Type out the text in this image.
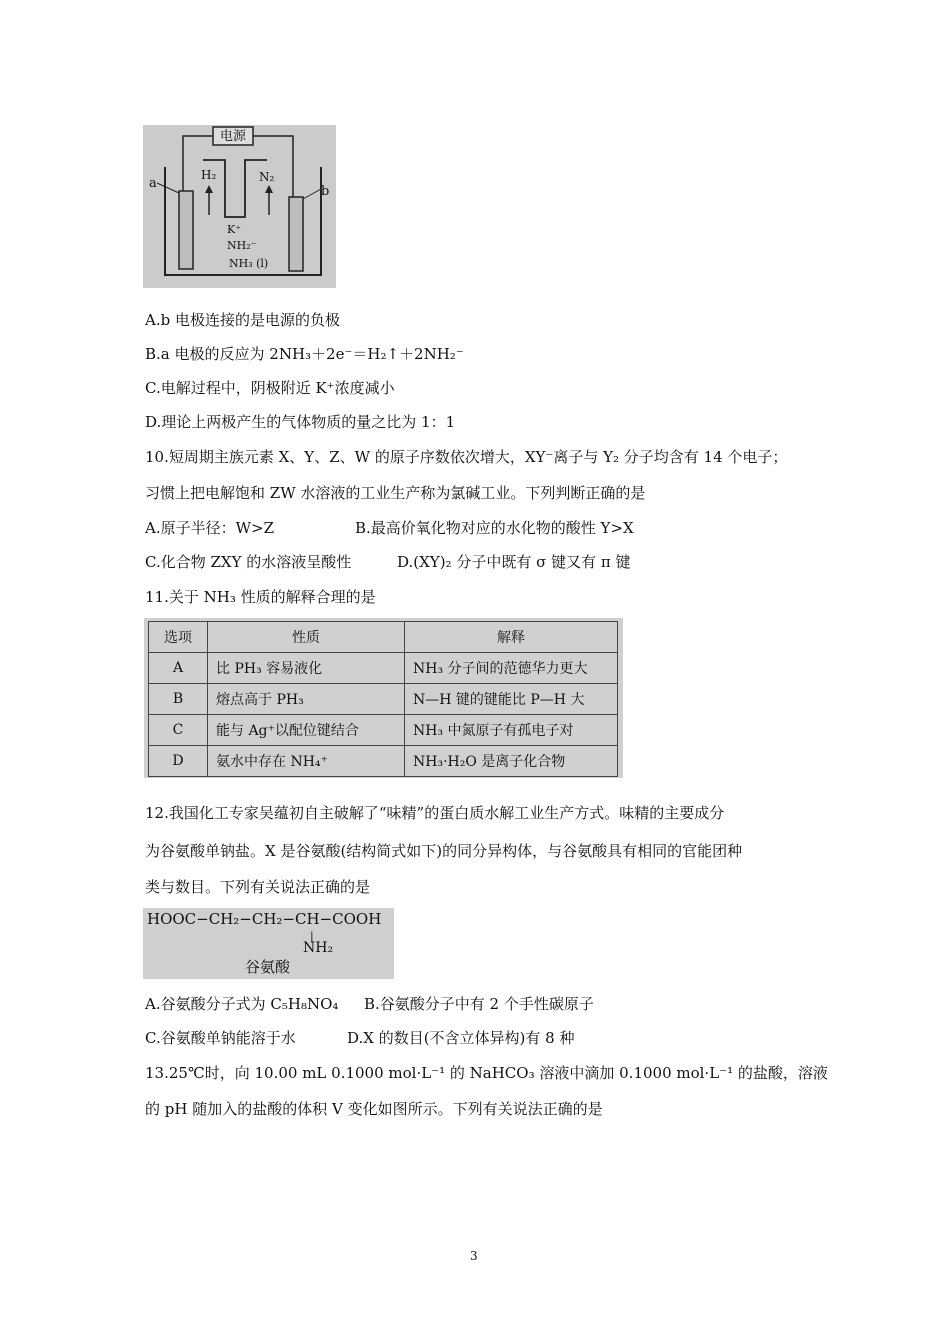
电源
H₂	N₂
a
b
K⁺
NH₂⁻
NH₃ (l)
A.b 电极连接的是电源的负极
B.a 电极的反应为 2NH₃＋2e⁻＝H₂↑＋2NH₂⁻
C.电解过程中，阴极附近 K⁺浓度减小
D.理论上两极产生的气体物质的量之比为 1：1
10.短周期主族元素 X、Y、Z、W 的原子序数依次增大，XY⁻离子与 Y₂ 分子均含有 14 个电子；
习惯上把电解饱和 ZW 水溶液的工业生产称为氯碱工业。下列判断正确的是
A.原子半径：W>Z	B.最高价氧化物对应的水化物的酸性 Y>X
C.化合物 ZXY 的水溶液呈酸性	D.(XY)₂ 分子中既有 σ 键又有 π 键
11.关于 NH₃ 性质的解释合理的是
选项	性质	解释
A	比 PH₃ 容易液化	NH₃ 分子间的范德华力更大
B	熔点高于 PH₃	N—H 键的键能比 P—H 大
C	能与 Ag⁺以配位键结合	NH₃ 中氮原子有孤电子对
D	氨水中存在 NH₄⁺	NH₃·H₂O 是离子化合物
12.我国化工专家吴蕴初自主破解了“味精”的蛋白质水解工业生产方式。味精的主要成分
为谷氨酸单钠盐。X 是谷氨酸(结构简式如下)的同分异构体，与谷氨酸具有相同的官能团种
类与数目。下列有关说法正确的是
HOOC−CH₂−CH₂−CH−COOH
|
NH₂
谷氨酸
A.谷氨酸分子式为 C₅H₈NO₄ B.谷氨酸分子中有 2 个手性碳原子
C.谷氨酸单钠能溶于水	D.X 的数目(不含立体异构)有 8 种
13.25℃时，向 10.00 mL 0.1000 mol·L⁻¹ 的 NaHCO₃ 溶液中滴加 0.1000 mol·L⁻¹ 的盐酸，溶液
的 pH 随加入的盐酸的体积 V 变化如图所示。下列有关说法正确的是
3
